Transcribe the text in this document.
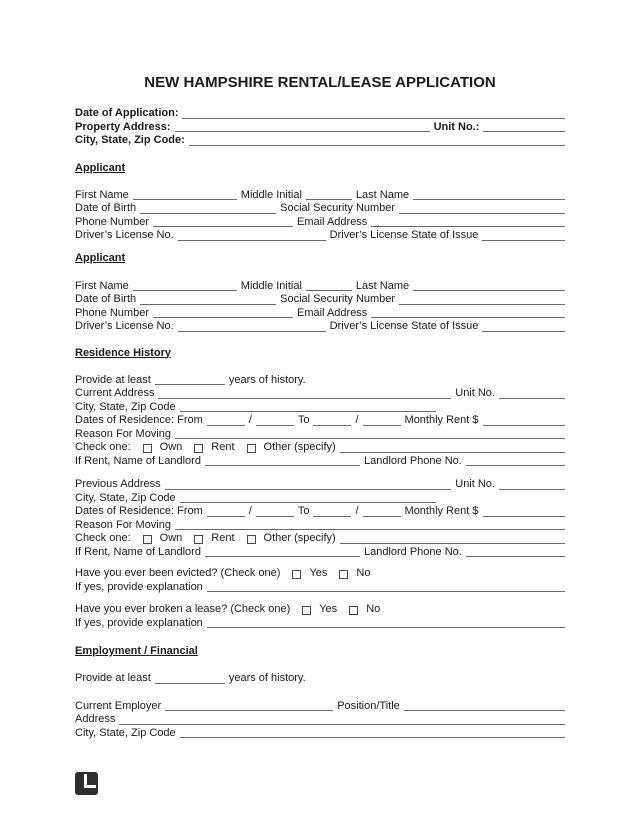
NEW HAMPSHIRE RENTAL/LEASE APPLICATION
Date of Application:
Property Address:	Unit No.:
City, State, Zip Code:
Applicant
First Name	Middle Initial	Last Name
Date of Birth	Social Security Number
Phone Number	Email Address
Driver’s License No.	Driver’s License State of Issue
Applicant
First Name	Middle Initial	Last Name
Date of Birth	Social Security Number
Phone Number	Email Address
Driver’s License No.	Driver’s License State of Issue
Residence History
Provide at least	years of history.
Current Address	Unit No.
City, State, Zip Code
Dates of Residence: From	/	To	/	Monthly Rent $
Reason For Moving
Check one:	Own	Rent	Other (specify)
If Rent, Name of Landlord	Landlord Phone No.
Previous Address	Unit No.
City, State, Zip Code
Dates of Residence: From	/	To	/	Monthly Rent $
Reason For Moving
Check one:	Own	Rent	Other (specify)
If Rent, Name of Landlord	Landlord Phone No.
Have you ever been evicted? (Check one)	Yes	No
If yes, provide explanation
Have you ever broken a lease? (Check one)	Yes	No
If yes, provide explanation
Employment / Financial
Provide at least	years of history.
Current Employer	Position/Title
Address
City, State, Zip Code
